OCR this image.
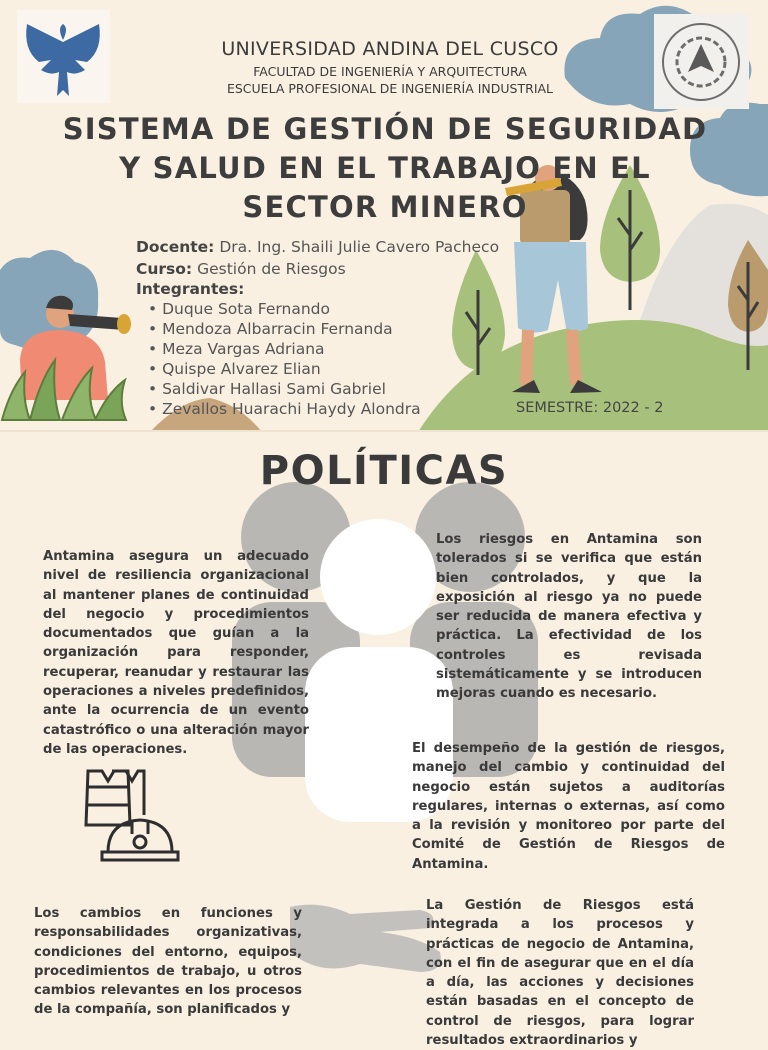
UNIVERSIDAD ANDINA DEL CUSCO
FACULTAD DE INGENIERÍA Y ARQUITECTURA
ESCUELA PROFESIONAL DE INGENIERÍA INDUSTRIAL
SISTEMA DE GESTIÓN DE SEGURIDAD
Y SALUD EN EL TRABAJO EN EL
SECTOR MINERO
Docente: Dra. Ing. Shaili Julie Cavero Pacheco
Curso: Gestión de Riesgos
Integrantes:
• Duque Sota Fernando
• Mendoza Albarracin Fernanda
• Meza Vargas Adriana
• Quispe Alvarez Elian
• Saldivar Hallasi Sami Gabriel
• Zevallos Huarachi Haydy Alondra	SEMESTRE: 2022 - 2
POLÍTICAS
Antamina asegura un adecuado nivel de resiliencia organizacional al mantener planes de continuidad del negocio y procedimientos documentados que guían a la organización para responder, recuperar, reanudar y restaurar las operaciones a niveles predefinidos, ante la ocurrencia de un evento catastrófico o una alteración mayor de las operaciones.
Los riesgos en Antamina son tolerados si se verifica que están bien controlados, y que la exposición al riesgo ya no puede ser reducida de manera efectiva y práctica. La efectividad de los controles es revisada sistemáticamente y se introducen mejoras cuando es necesario.
El desempeño de la gestión de riesgos, manejo del cambio y continuidad del negocio están sujetos a auditorías regulares, internas o externas, así como a la revisión y monitoreo por parte del Comité de Gestión de Riesgos de Antamina.
Los cambios en funciones y responsabilidades organizativas, condiciones del entorno, equipos, procedimientos de trabajo, u otros cambios relevantes en los procesos de la compañía, son planificados y
La Gestión de Riesgos está integrada a los procesos y prácticas de negocio de Antamina, con el fin de asegurar que en el día a día, las acciones y decisiones están basadas en el concepto de control de riesgos, para lograr resultados extraordinarios y
